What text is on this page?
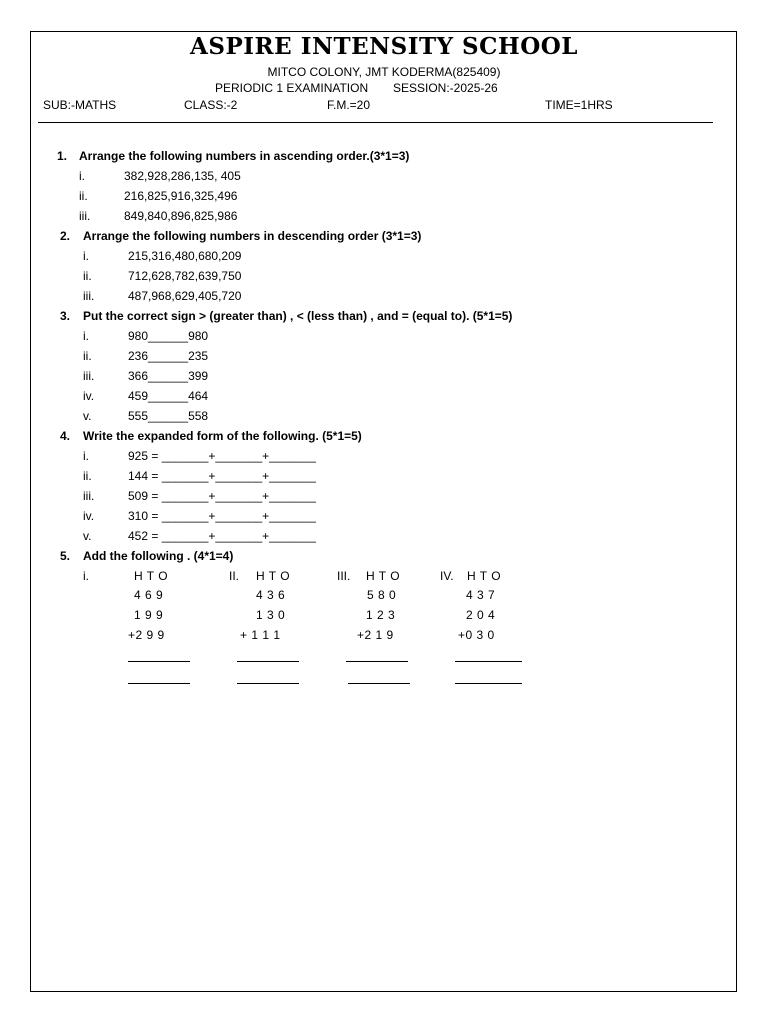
ASPIRE INTENSITY SCHOOL
MITCO COLONY, JMT KODERMA(825409)
PERIODIC 1 EXAMINATION SESSION:-2025-26
SUB:-MATHS	CLASS:-2	F.M.=20	TIME=1HRS
1. Arrange the following numbers in ascending order.(3*1=3)
i.	382,928,286,135, 405
ii.	216,825,916,325,496
iii.	849,840,896,825,986
2. Arrange the following numbers in descending order (3*1=3)
i.	215,316,480,680,209
ii.	712,628,782,639,750
iii.	487,968,629,405,720
3. Put the correct sign > (greater than) , < (less than) , and = (equal to). (5*1=5)
i.	980______980
ii.	236______235
iii.	366______399
iv.	459______464
v.	555______558
4. Write the expanded form of the following. (5*1=5)
i.	925 = _______+_______+_______
ii.	144 = _______+_______+_______
iii.	509 = _______+_______+_______
iv.	310 = _______+_______+_______
v.	452 = _______+_______+_______
5. Add the following . (4*1=4)
i.	H T O
4 6 9
1 9 9
+2 9 9
II. H T O
4 3 6
1 3 0
+ 1 1 1
III. H T O
5 8 0
1 2 3
+2 1 9
IV. H T O
4 3 7
2 0 4
+0 3 0
